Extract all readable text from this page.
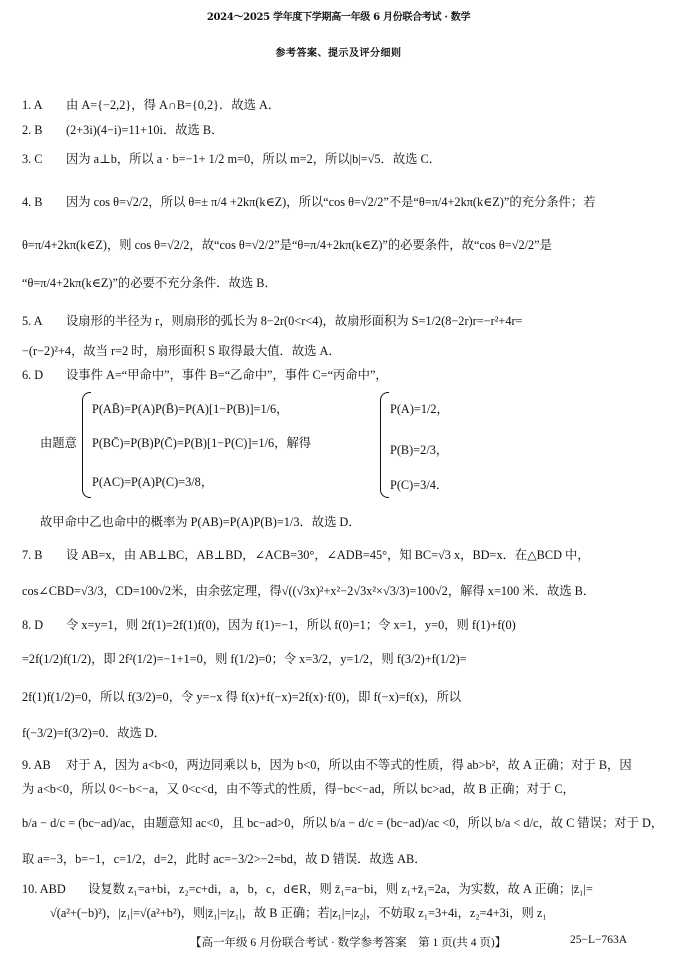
2024～2025 学年度下学期高一年级 6 月份联合考试 · 数学
参考答案、提示及评分细则
1. A 由 A={−2,2}，得 A∩B={0,2}．故选 A．
2. B (2+3i)(4−i)=11+10i．故选 B．
3. C 因为 a⊥b，所以 a · b=−1+ 1/2 m=0，所以 m=2，所以|b|=√5．故选 C．
4. B 因为 cos θ=√2/2，所以 θ=± π/4 +2kπ(k∈Z)，所以“cos θ=√2/2”不是“θ=π/4+2kπ(k∈Z)”的充分条件；若
θ=π/4+2kπ(k∈Z)，则 cos θ=√2/2，故“cos θ=√2/2”是“θ=π/4+2kπ(k∈Z)”的必要条件，故“cos θ=√2/2”是
“θ=π/4+2kπ(k∈Z)”的必要不充分条件．故选 B．
5. A 设扇形的半径为 r，则扇形的弧长为 8−2r(0<r<4)，故扇形面积为 S=1/2(8−2r)r=−r²+4r=
−(r−2)²+4，故当 r=2 时，扇形面积 S 取得最大值．故选 A．
6. D 设事件 A=“甲命中”，事件 B=“乙命中”，事件 C=“丙命中”，
由题意
P(AB̄)=P(A)P(B̄)=P(A)[1−P(B)]=1/6，
P(BC̄)=P(B)P(C̄)=P(B)[1−P(C)]=1/6，解得
P(AC)=P(A)P(C)=3/8，
P(A)=1/2，
P(B)=2/3，
P(C)=3/4．
故甲命中乙也命中的概率为 P(AB)=P(A)P(B)=1/3．故选 D．
7. B 设 AB=x，由 AB⊥BC，AB⊥BD，∠ACB=30°，∠ADB=45°，知 BC=√3 x，BD=x．在△BCD 中，
cos∠CBD=√3/3，CD=100√2米，由余弦定理，得√((√3x)²+x²−2√3x²×√3/3)=100√2，解得 x=100 米．故选 B．
8. D 令 x=y=1，则 2f(1)=2f(1)f(0)，因为 f(1)=−1，所以 f(0)=1；令 x=1，y=0，则 f(1)+f(0)
=2f(1/2)f(1/2)，即 2f²(1/2)=−1+1=0，则 f(1/2)=0；令 x=3/2，y=1/2，则 f(3/2)+f(1/2)=
2f(1)f(1/2)=0，所以 f(3/2)=0，令 y=−x 得 f(x)+f(−x)=2f(x)·f(0)，即 f(−x)=f(x)，所以
f(−3/2)=f(3/2)=0．故选 D．
9. AB 对于 A，因为 a<b<0，两边同乘以 b，因为 b<0，所以由不等式的性质，得 ab>b²，故 A 正确；对于 B，因
为 a<b<0，所以 0<−b<−a，又 0<c<d，由不等式的性质，得−bc<−ad，所以 bc>ad，故 B 正确；对于 C，
b/a − d/c = (bc−ad)/ac，由题意知 ac<0，且 bc−ad>0，所以 b/a − d/c = (bc−ad)/ac <0，所以 b/a < d/c，故 C 错误；对于 D，
取 a=−3，b=−1，c=1/2，d=2，此时 ac=−3/2>−2=bd，故 D 错误．故选 AB．
10. ABD 设复数 z₁=a+bi，z₂=c+di，a，b，c，d∈R，则 z̄₁=a−bi，则 z₁+z̄₁=2a，为实数，故 A 正确；|z̄₁|=
√(a²+(−b)²)，|z₁|=√(a²+b²)，则|z̄₁|=|z₁|，故 B 正确；若|z₁|=|z₂|，不妨取 z₁=3+4i，z₂=4+3i，则 z₁
【高一年级 6 月份联合考试 · 数学参考答案　第 1 页(共 4 页)】	25−L−763A
